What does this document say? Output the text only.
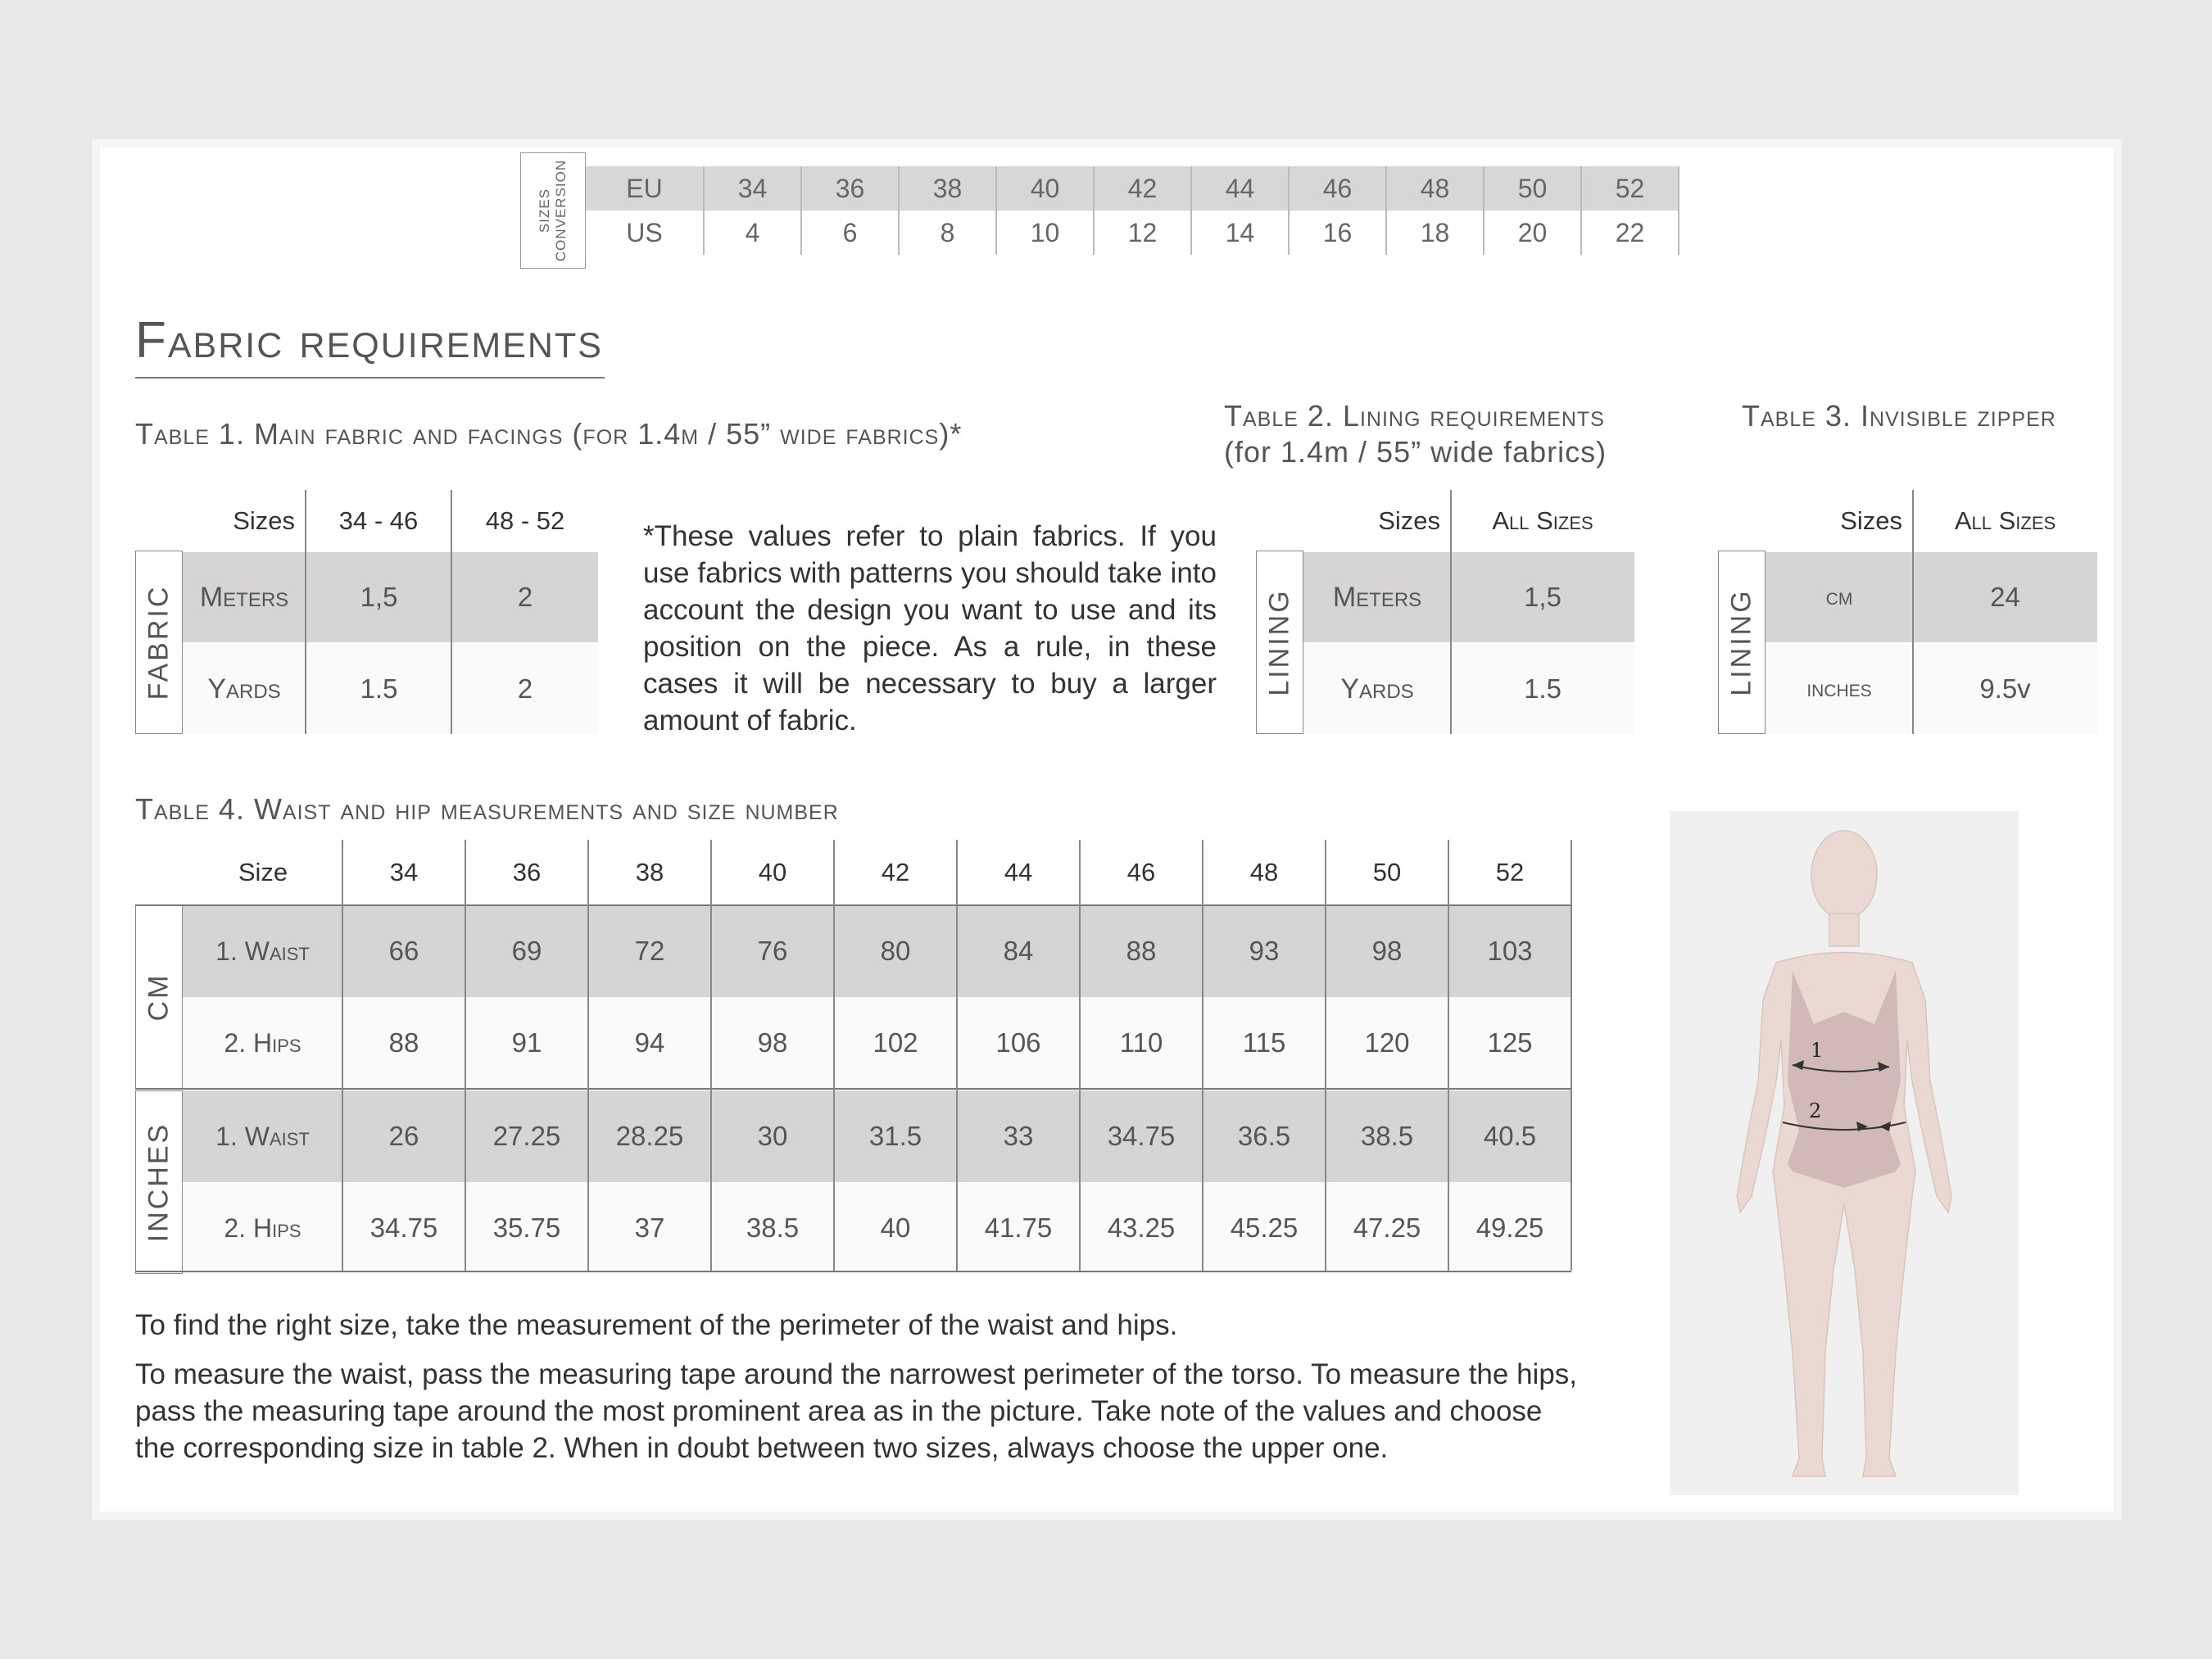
SIZES CONVERSION	EU	34	36	38	40	42	44	46	48	50	52
US	4	6	8	10	12	14	16	18	20	22
Fabric requirements
Table 1. Main fabric and facings (for 1.4m / 55” wide fabrics)*
Sizes	34 - 46	48 - 52
FABRIC Meters	1,5	2
Yards	1.5	2
*These values refer to plain fabrics. If you use fabrics with patterns you should take into account the design you want to use and its position on the piece. As a rule, in these cases it will be necessary to buy a larger amount of fabric.
Table 2. Lining requirements
(for 1.4m / 55” wide fabrics)
Sizes	All Sizes
LINING	Meters	1,5
Yards	1.5
Table 3. Invisible zipper
Sizes	All Sizes
LINING	cm	24
inches	9.5v
Table 4. Waist and hip measurements and size number
Size	34	36	38	40	42	44	46	48	50	52
CM
1. Waist	66	69	72	76	80	84	88	93	98	103
2. Hips	88	91	94	98	102	106	110	115	120	125
INCHES	1. Waist	26	27.25	28.25	30	31.5	33	34.75	36.5	38.5	40.5
2. Hips	34.75	35.75	37	38.5	40	41.75	43.25	45.25	47.25	49.25
To find the right size, take the measurement of the perimeter of the waist and hips.
To measure the waist, pass the measuring tape around the narrowest perimeter of the torso. To measure the hips, pass the measuring tape around the most prominent area as in the picture. Take note of the values and choose the corresponding size in table 2. When in doubt between two sizes, always choose the upper one.
1
2
